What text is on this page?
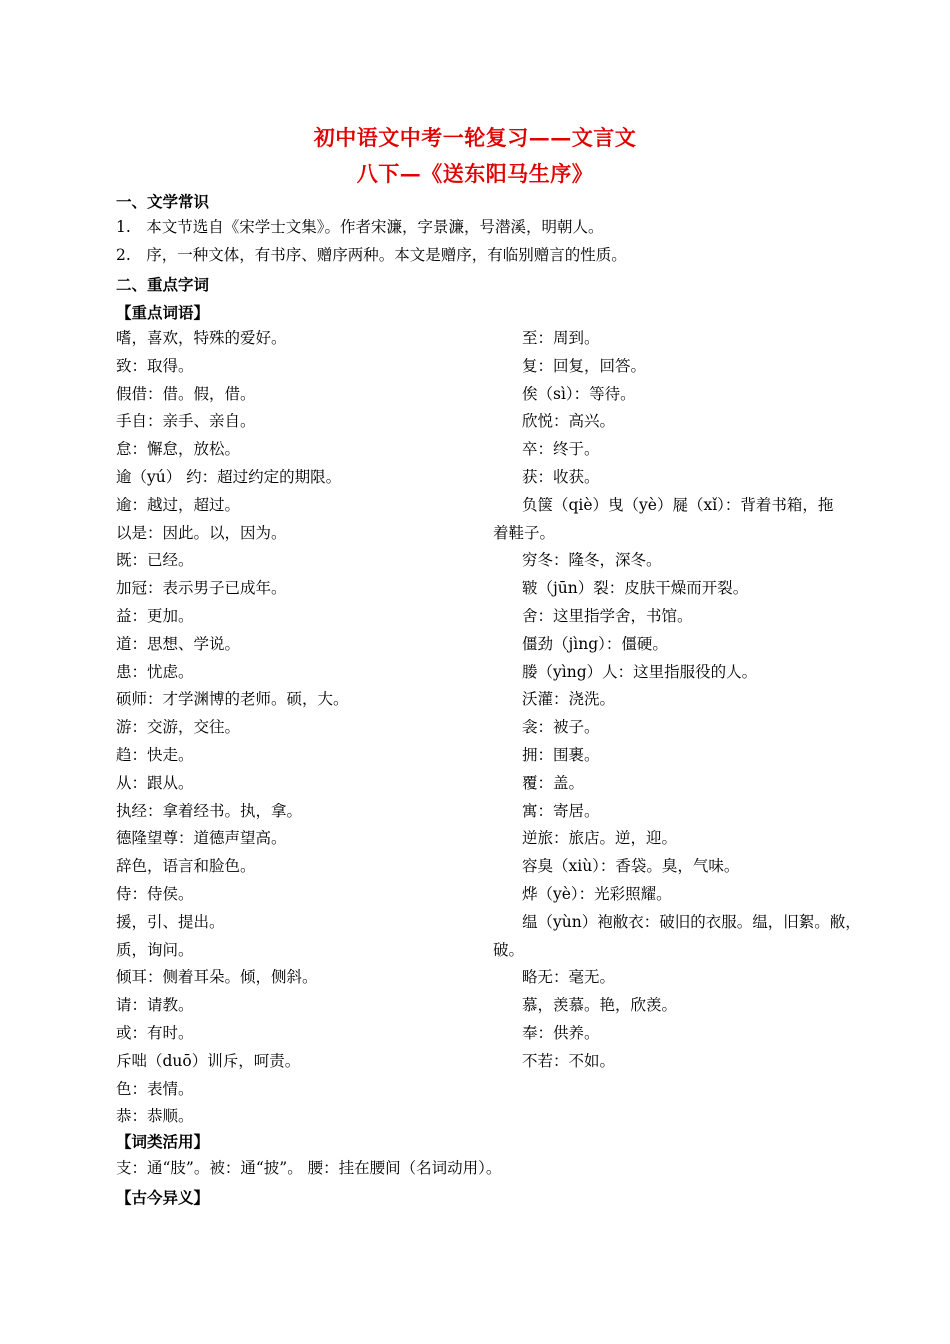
初中语文中考一轮复习——文言文
八下—《送东阳马生序》
一、文学常识
1.　本文节选自《宋学士文集》。作者宋濂，字景濂，号潜溪，明朝人。
2.　序，一种文体，有书序、赠序两种。本文是赠序，有临别赠言的性质。
二、重点字词
【重点词语】
嗜，喜欢，特殊的爱好。
致：取得。
假借：借。假，借。
手自：亲手、亲自。
怠：懈怠，放松。
逾（yú） 约：超过约定的期限。
逾：越过，超过。
以是：因此。以，因为。
既：已经。
加冠：表示男子已成年。
益：更加。
道：思想、学说。
患：忧虑。
硕师：才学渊博的老师。硕，大。
游：交游，交往。
趋：快走。
从：跟从。
执经：拿着经书。执，拿。
德隆望尊：道德声望高。
辞色，语言和脸色。
侍：侍侯。
援，引、提出。
质，询问。
倾耳：侧着耳朵。倾，侧斜。
请：请教。
或：有时。
斥咄（duō）训斥，呵责。
色：表情。
恭：恭顺。
至：周到。
复：回复，回答。
俟（sì）：等待。
欣悦：高兴。
卒：终于。
获：收获。
负箧（qiè）曳（yè）屣（xǐ）：背着书箱，拖
着鞋子。
穷冬：隆冬，深冬。
皲（jūn）裂：皮肤干燥而开裂。
舍：这里指学舍，书馆。
僵劲（jìng）：僵硬。
媵（yìng）人：这里指服役的人。
沃灌：浇洗。
衾：被子。
拥：围裹。
覆：盖。
寓：寄居。
逆旅：旅店。逆，迎。
容臭（xiù）：香袋。臭，气味。
烨（yè）：光彩照耀。
缊（yùn）袍敝衣：破旧的衣服。缊，旧絮。敝，
破。
略无：毫无。
慕，羡慕。艳，欣羡。
奉：供养。
不若：不如。
【词类活用】
支：通“肢”。被：通“披”。 腰：挂在腰间（名词动用）。
【古今异义】
